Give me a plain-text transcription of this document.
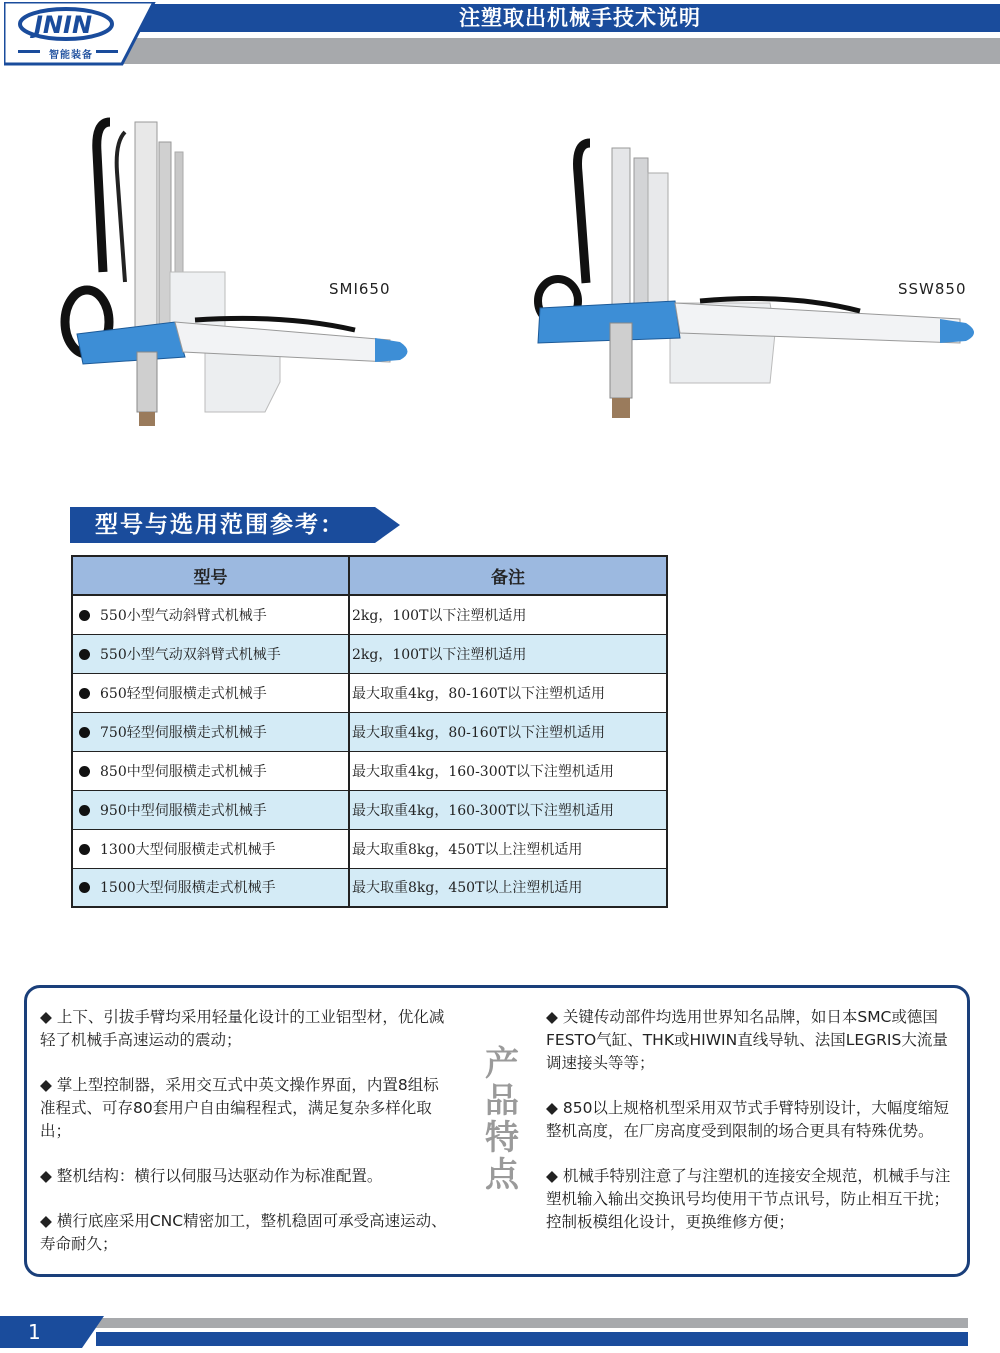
注塑取出机械手技术说明
JNIN
智能装备
SMI650	SSW850
型号与选用范围参考：
型号	备注
550小型气动斜臂式机械手	2kg，100T以下注塑机适用
550小型气动双斜臂式机械手	2kg，100T以下注塑机适用
650轻型伺服横走式机械手	最大取重4kg，80-160T以下注塑机适用
750轻型伺服横走式机械手	最大取重4kg，80-160T以下注塑机适用
850中型伺服横走式机械手	最大取重4kg，160-300T以下注塑机适用
950中型伺服横走式机械手	最大取重4kg，160-300T以下注塑机适用
1300大型伺服横走式机械手	最大取重8kg，450T以上注塑机适用
1500大型伺服横走式机械手	最大取重8kg，450T以上注塑机适用

◆ 上下、引拔手臂均采用轻量化设计的工业铝型材，优化减轻了机械手高速运动的震动；

◆ 掌上型控制器，采用交互式中英文操作界面，内置8组标准程式、可存80套用户自由编程程式，满足复杂多样化取出；

◆ 整机结构：横行以伺服马达驱动作为标准配置。

◆ 横行底座采用CNC精密加工，整机稳固可承受高速运动、寿命耐久；

产品特点

◆ 关键传动部件均选用世界知名品牌，如日本SMC或德国FESTO气缸、THK或HIWIN直线导轨、法国LEGRIS大流量调速接头等等；

◆ 850以上规格机型采用双节式手臂特别设计，大幅度缩短整机高度，在厂房高度受到限制的场合更具有特殊优势。

◆ 机械手特别注意了与注塑机的连接安全规范，机械手与注塑机输入输出交换讯号均使用干节点讯号，防止相互干扰；控制板模组化设计，更换维修方便；

1
